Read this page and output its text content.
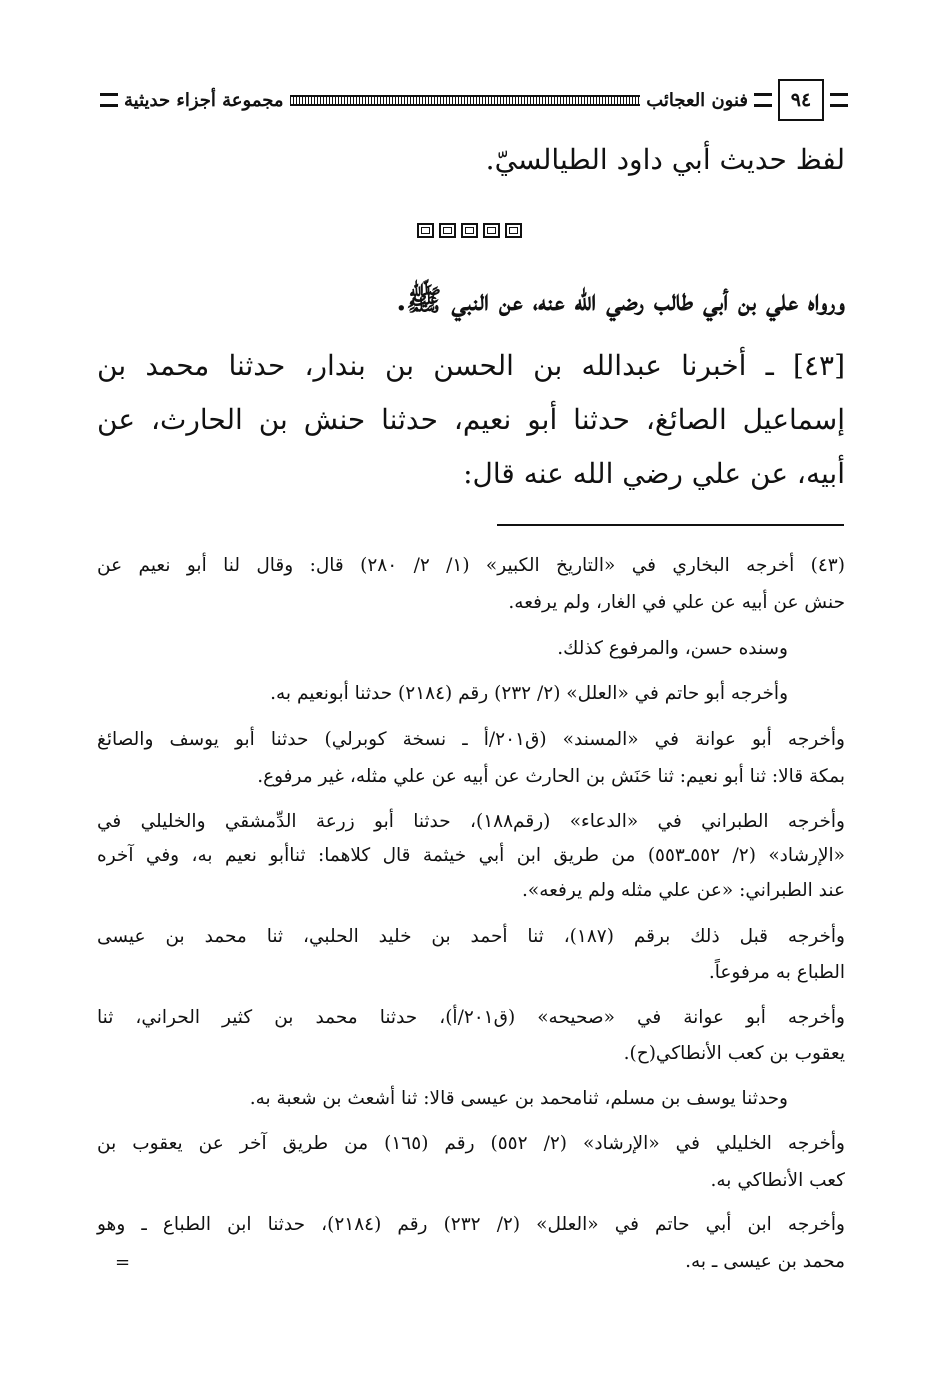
٩٤
فنون العجائب
مجموعة أجزاء حديثية
لفظ حديث أبي داود الطيالسيّ.
ورواه علي بن أبي طالب رضي الله عنه، عن النبي ﷺ.
[٤٣] ـ أخبرنا عبدالله بن الحسن بن بندار، حدثنا محمد بن
إسماعيل الصائغ، حدثنا أبو نعيم، حدثنا حنش بن الحارث، عن
أبيه، عن علي رضي الله عنه قال:
(٤٣) أخرجه البخاري في «التاريخ الكبير» (١/ ٢/ ٢٨٠) قال: وقال لنا أبو نعيم عن
حنش عن أبيه عن علي في الغار، ولم يرفعه.
وسنده حسن، والمرفوع كذلك.
وأخرجه أبو حاتم في «العلل» (٢/ ٢٣٢) رقم (٢١٨٤) حدثنا أبونعيم به.
وأخرجه أبو عوانة في «المسند» (ق٢٠١/أ ـ نسخة كوبرلي) حدثنا أبو يوسف والصائغ
بمكة قالا: ثنا أبو نعيم: ثنا حَنَش بن الحارث عن أبيه عن علي مثله، غير مرفوع.
وأخرجه الطبراني في «الدعاء» (رقم١٨٨)، حدثنا أبو زرعة الدِّمشقي والخليلي في
«الإرشاد» (٢/ ٥٥٢ـ٥٥٣) من طريق ابن أبي خيثمة قال كلاهما: ثناأبو نعيم به، وفي آخره
عند الطبراني: «عن علي مثله ولم يرفعه».
وأخرجه قبل ذلك برقم (١٨٧)، ثنا أحمد بن خليد الحلبي، ثنا محمد بن عيسى
الطباع به مرفوعاً.
وأخرجه أبو عوانة في «صحيحه» (ق٢٠١/أ)، حدثنا محمد بن كثير الحراني، ثنا
يعقوب بن كعب الأنطاكي(ح).
وحدثنا يوسف بن مسلم، ثنامحمد بن عيسى قالا: ثنا أشعث بن شعبة به.
وأخرجه الخليلي في «الإرشاد» (٢/ ٥٥٢) رقم (١٦٥) من طريق آخر عن يعقوب بن
كعب الأنطاكي به.
وأخرجه ابن أبي حاتم في «العلل» (٢/ ٢٣٢) رقم (٢١٨٤)، حدثنا ابن الطباع ـ وهو
محمد بن عيسى ـ به.
=
